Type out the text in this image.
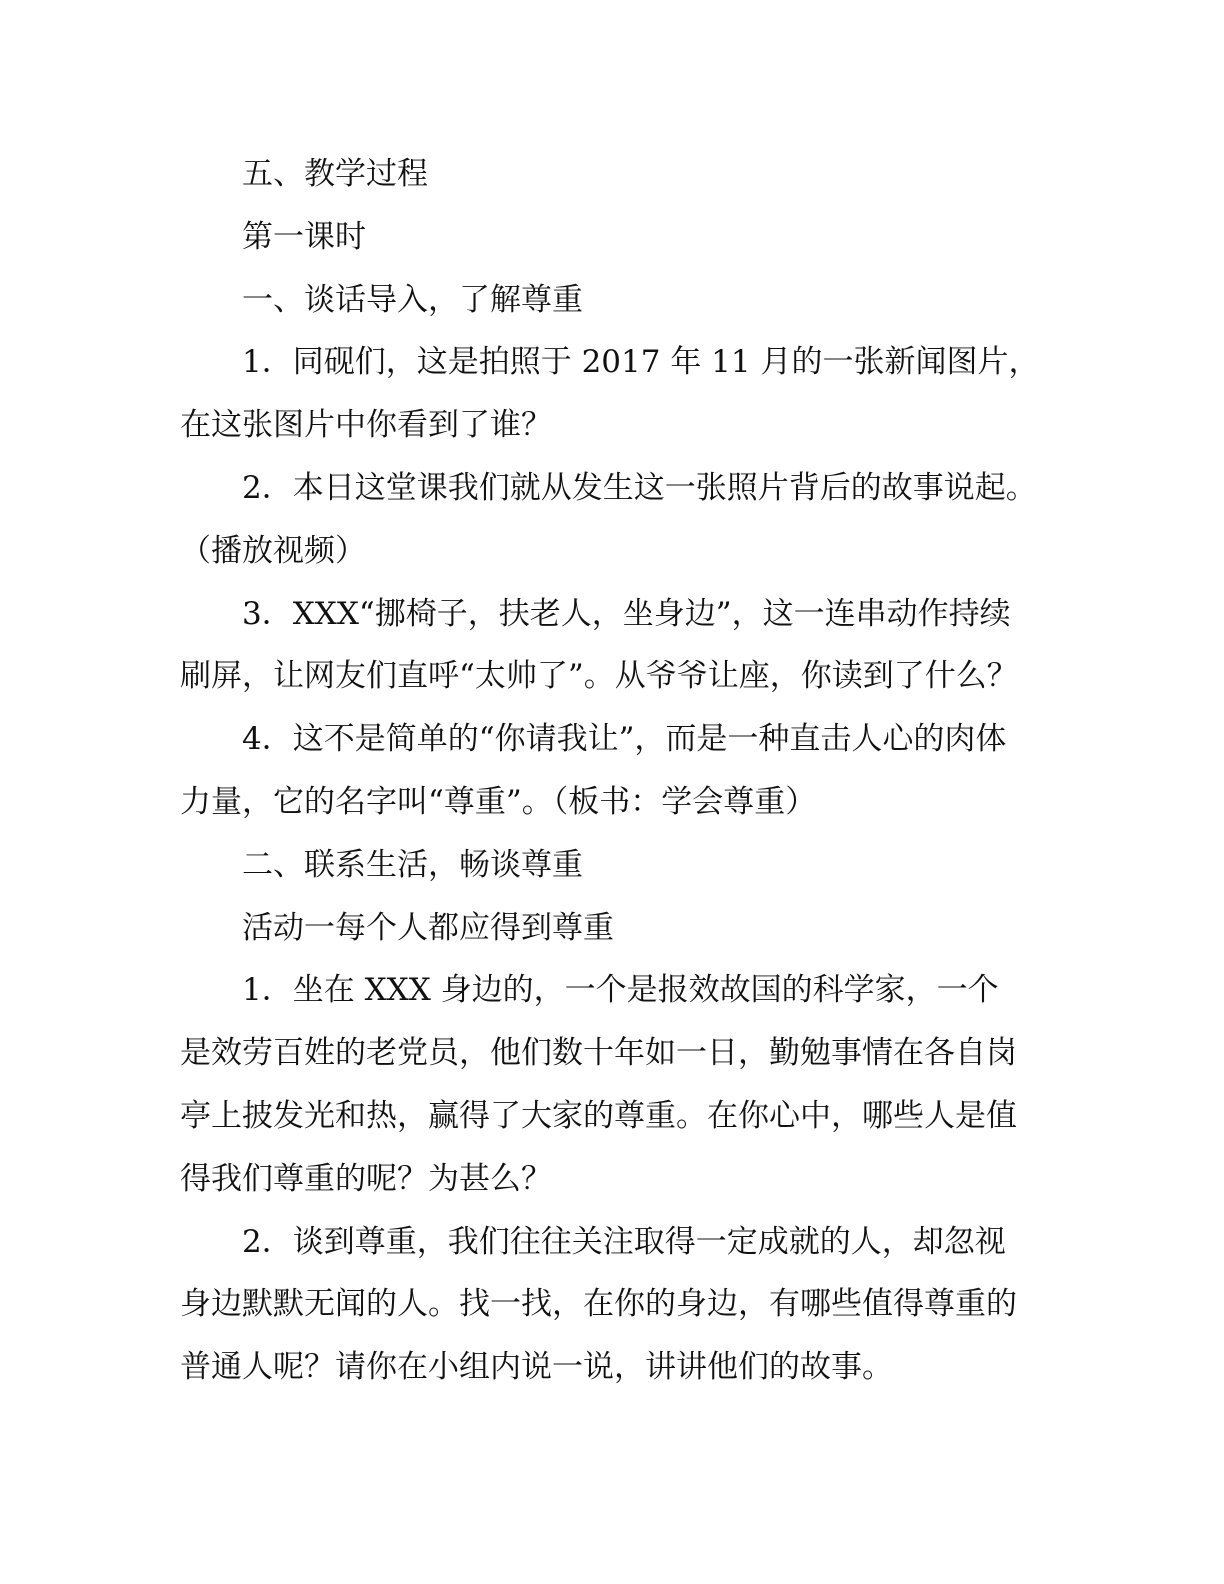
五、教学过程

第一课时

一、谈话导入，了解尊重

1．同砚们，这是拍照于 2017 年 11 月的一张新闻图片，

在这张图片中你看到了谁？

2．本日这堂课我们就从发生这一张照片背后的故事说起。

（播放视频）

3．XXX“挪椅子，扶老人，坐身边”，这一连串动作持续

刷屏，让网友们直呼“太帅了”。从爷爷让座，你读到了什么？

4．这不是简单的“你请我让”，而是一种直击人心的肉体

力量，它的名字叫“尊重”。（板书：学会尊重）

二、联系生活，畅谈尊重

活动一每个人都应得到尊重

1．坐在 XXX 身边的，一个是报效故国的科学家，一个

是效劳百姓的老党员，他们数十年如一日，勤勉事情在各自岗

亭上披发光和热，赢得了大家的尊重。在你心中，哪些人是值

得我们尊重的呢？为甚么？

2．谈到尊重，我们往往关注取得一定成就的人，却忽视

身边默默无闻的人。找一找，在你的身边，有哪些值得尊重的

普通人呢？请你在小组内说一说，讲讲他们的故事。
